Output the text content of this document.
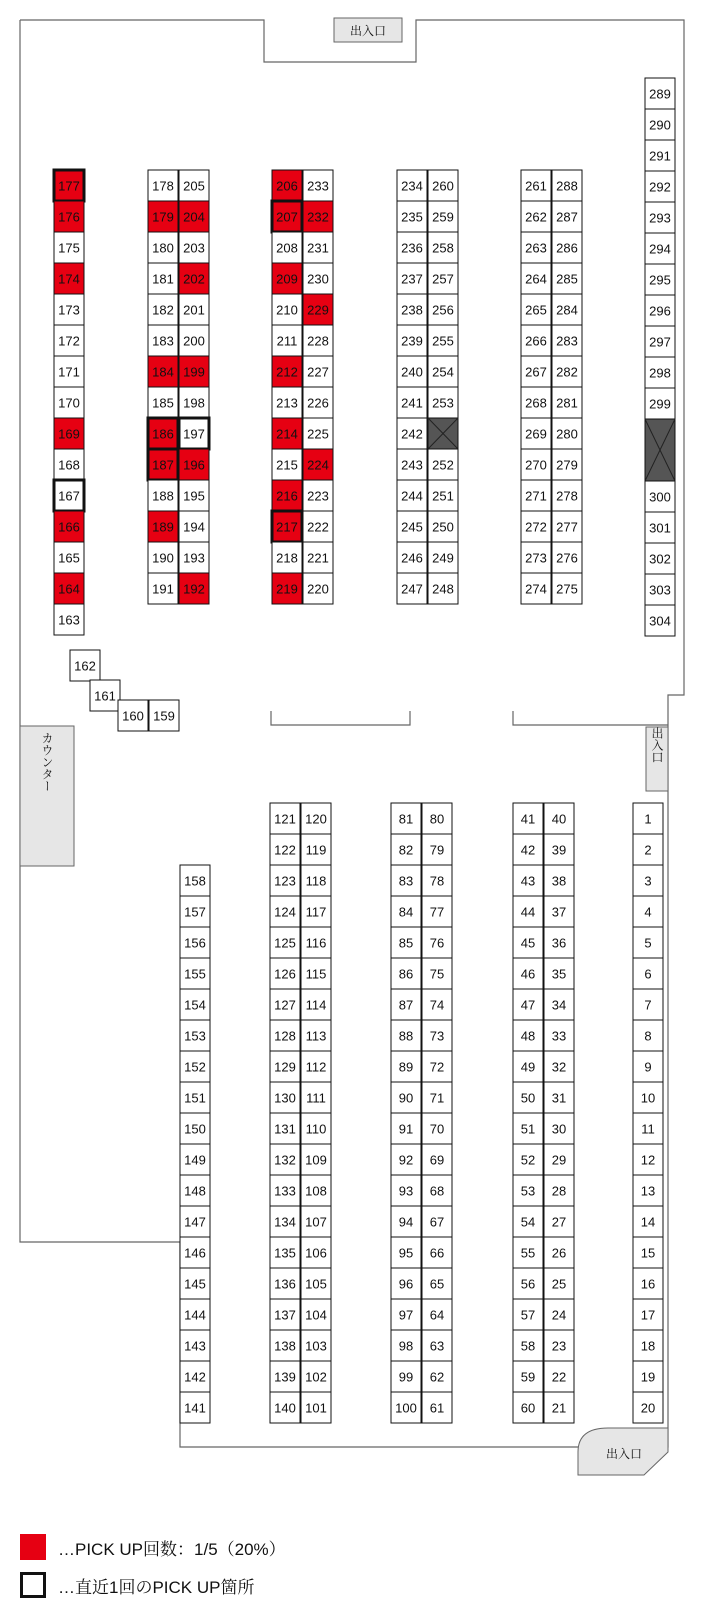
出入口
出入口
カウンター
出入口
177
176
175
174
173
172
171
170
169
168
167
166
165
164
163
178
179
180
181
182
183
184
185
186
187
188
189
190
191
205
204
203
202
201
200
199
198
197
196
195
194
193
192
206
207
208
209
210
211
212
213
214
215
216
217
218
219
233
232
231
230
229
228
227
226
225
224
223
222
221
220
234
235
236
237
238
239
240
241
242
243
244
245
246
247
260
259
258
257
256
255
254
253
252
251
250
249
248
261
262
263
264
265
266
267
268
269
270
271
272
273
274
288
287
286
285
284
283
282
281
280
279
278
277
276
275
289
290
291
292
293
294
295
296
297
298
299
300
301
302
303
304
162
161
160 159
158
157
156
155
154
153
152
151
150
149
148
147
146
145
144
143
142
141
121
122
123
124
125
126
127
128
129
130
131
132
133
134
135
136
137
138
139
140
120
119
118
117
116
115
114
113
112
111
110
109
108
107
106
105
104
103
102
101
81
82
83
84
85
86
87
88
89
90
91
92
93
94
95
96
97
98
99
100
80
79
78
77
76
75
74
73
72
71
70
69
68
67
66
65
64
63
62
61
41
42
43
44
45
46
47
48
49
50
51
52
53
54
55
56
57
58
59
60
40
39
38
37
36
35
34
33
32
31
30
29
28
27
26
25
24
23
22
21
1
2
3
4
5
6
7
8
9
10
11
12
13
14
15
16
17
18
19
20
…PICK UP回数：1/5（20%）
…直近1回のPICK UP箇所
